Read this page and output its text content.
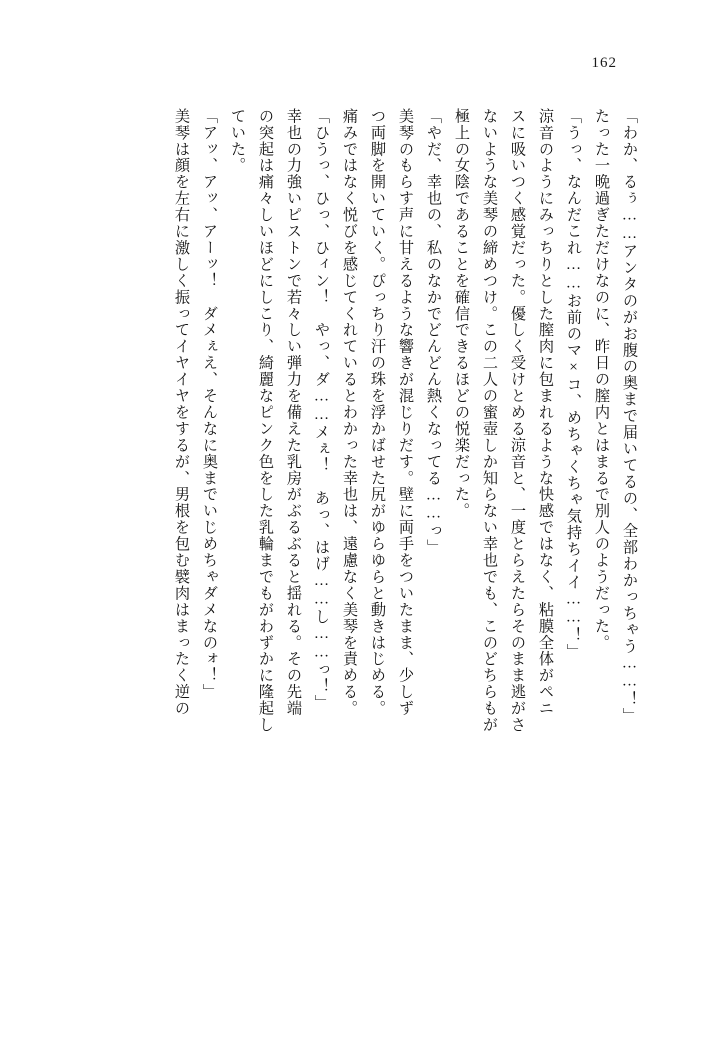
162
「わか、るぅ……アンタのがお腹の奥まで届いてるの、全部わかっちゃう……！」
たった一晩過ぎただけなのに、昨日の膣内とはまるで別人のようだった。
「うっ、なんだこれ……お前のマ×コ、めちゃくちゃ気持ちイイ……！」
涼音のようにみっちりとした膣肉に包まれるような快感ではなく、粘膜全体がペニ
スに吸いつく感覚だった。優しく受けとめる涼音と、一度とらえたらそのまま逃がさ
ないような美琴の締めつけ。この二人の蜜壺しか知らない幸也でも、このどちらもが
極上の女陰であることを確信できるほどの悦楽だった。
「やだ、幸也の、私のなかでどんどん熱くなってる……っ」
美琴のもらす声に甘えるような響きが混じりだす。壁に両手をついたまま、少しず
つ両脚を開いていく。ぴっちり汗の珠を浮かばせた尻がゆらゆらと動きはじめる。
痛みではなく悦びを感じてくれているとわかった幸也は、遠慮なく美琴を責める。
「ひうっ、ひっ、ひィン！　やっ、ダ……メぇ！　あっ、はげ……し……っ！」
幸也の力強いピストンで若々しい弾力を備えた乳房がぶるぶると揺れる。その先端
の突起は痛々しいほどにしこり、綺麗なピンク色をした乳輪までもがわずかに隆起し
ていた。
「アッ、アッ、アーッ！　ダメぇえ、そんなに奥までいじめちゃダメなのォ！」
美琴は顔を左右に激しく振ってイヤイヤをするが、男根を包む襞肉はまったく逆の
